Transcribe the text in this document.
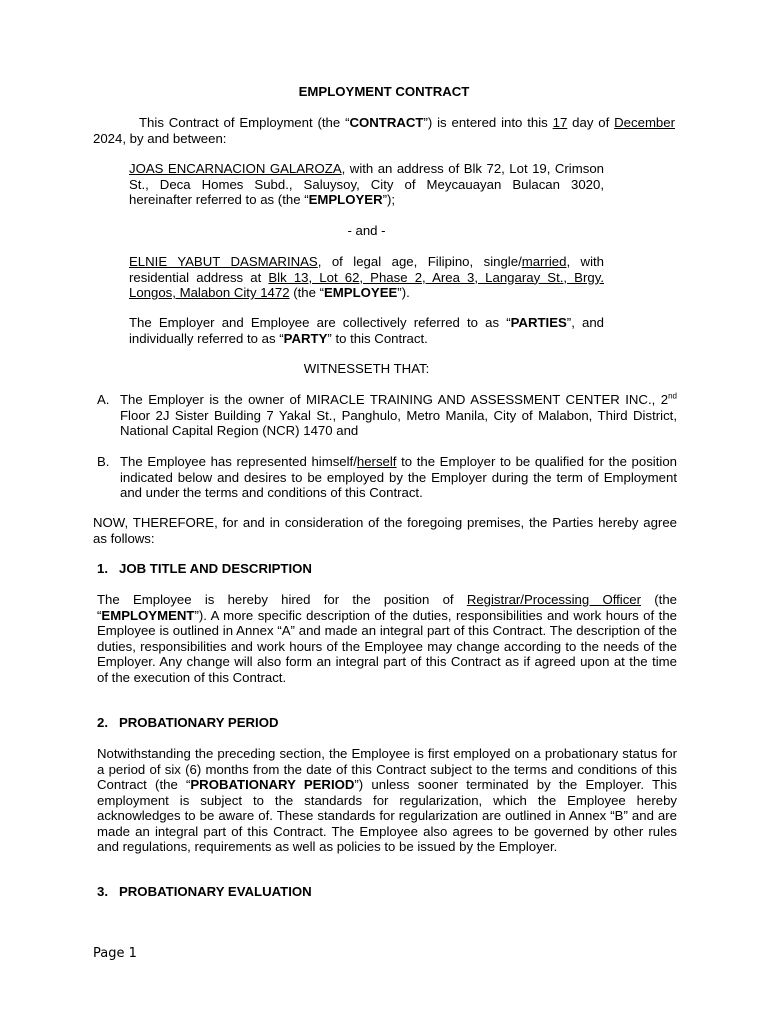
EMPLOYMENT CONTRACT

This Contract of Employment (the “CONTRACT”) is entered into this 17 day of December 2024, by and between:

JOAS ENCARNACION GALAROZA, with an address of Blk 72, Lot 19, Crimson St., Deca Homes Subd., Saluysoy, City of Meycauayan Bulacan 3020, hereinafter referred to as (the “EMPLOYER”);

- and -

ELNIE YABUT DASMARINAS, of legal age, Filipino, single/married, with residential address at Blk 13, Lot 62, Phase 2, Area 3, Langaray St., Brgy. Longos, Malabon City 1472 (the “EMPLOYEE”).

The Employer and Employee are collectively referred to as “PARTIES”, and individually referred to as “PARTY” to this Contract.

WITNESSETH THAT:

A. The Employer is the owner of MIRACLE TRAINING AND ASSESSMENT CENTER INC., 2nd Floor 2J Sister Building 7 Yakal St., Panghulo, Metro Manila, City of Malabon, Third District, National Capital Region (NCR) 1470 and

B. The Employee has represented himself/herself to the Employer to be qualified for the position indicated below and desires to be employed by the Employer during the term of Employment and under the terms and conditions of this Contract.

NOW, THEREFORE, for and in consideration of the foregoing premises, the Parties hereby agree as follows:

1.   JOB TITLE AND DESCRIPTION

The Employee is hereby hired for the position of Registrar/Processing Officer (the “EMPLOYMENT”). A more specific description of the duties, responsibilities and work hours of the Employee is outlined in Annex “A” and made an integral part of this Contract. The description of the duties, responsibilities and work hours of the Employee may change according to the needs of the Employer. Any change will also form an integral part of this Contract as if agreed upon at the time of the execution of this Contract.

2.   PROBATIONARY PERIOD

Notwithstanding the preceding section, the Employee is first employed on a probationary status for a period of six (6) months from the date of this Contract subject to the terms and conditions of this Contract (the “PROBATIONARY PERIOD”) unless sooner terminated by the Employer. This employment is subject to the standards for regularization, which the Employee hereby acknowledges to be aware of. These standards for regularization are outlined in Annex “B” and are made an integral part of this Contract. The Employee also agrees to be governed by other rules and regulations, requirements as well as policies to be issued by the Employer.

3.   PROBATIONARY EVALUATION
Page 1
